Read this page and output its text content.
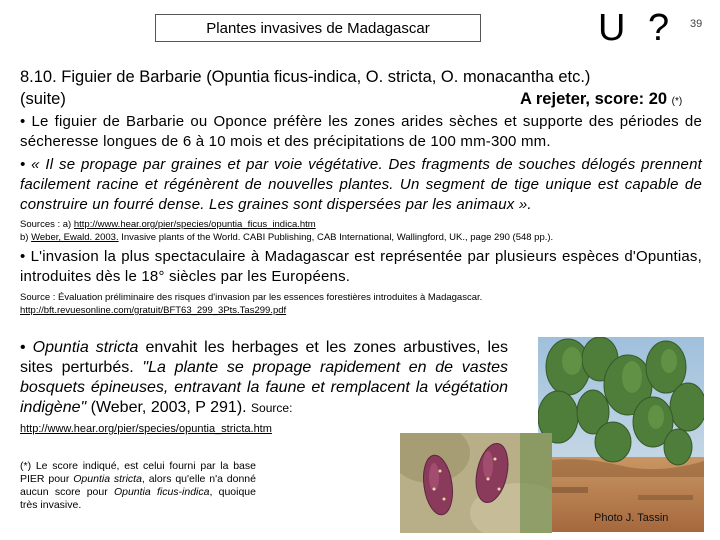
Plantes invasives de Madagascar	U ? 39
8.10. Figuier de Barbarie (Opuntia ficus-indica, O. stricta, O. monacantha etc.)
(suite)	A rejeter, score: 20 (*)
• Le figuier de Barbarie ou Oponce préfère les zones arides sèches et supporte des périodes de sécheresse longues de 6 à 10 mois et des précipitations de 100 mm-300 mm.
• « Il se propage par graines et par voie végétative. Des fragments de souches délogés prennent facilement racine et régénèrent de nouvelles plantes. Un segment de tige unique est capable de construire un fourré dense. Les graines sont dispersées par les animaux ».
Sources : a) http://www.hear.org/pier/species/opuntia_ficus_indica.htm
b) Weber, Ewald. 2003. Invasive plants of the World. CABI Publishing, CAB International, Wallingford, UK., page 290 (548 pp.).
• L'invasion la plus spectaculaire à Madagascar est représentée par plusieurs espèces d'Opuntias, introduites dès le 18° siècles par les Européens.
Source : Évaluation préliminaire des risques d'invasion par les essences forestières introduites à Madagascar.
http://bft.revuesonline.com/gratuit/BFT63_299_3Pts.Tas299.pdf
• Opuntia stricta envahit les herbages et les zones arbustives, les sites perturbés. "La plante se propage rapidement en de vastes bosquets épineuses, entravant la faune et remplacent la végétation indigène" (Weber, 2003, P 291). Source:
http://www.hear.org/pier/species/opuntia_stricta.htm
(*) Le score indiqué, est celui fourni par la base PIER pour Opuntia stricta, alors qu'elle n'a donné aucun score pour Opuntia ficus-indica, quoique très invasive.
Photo J. Tassin
